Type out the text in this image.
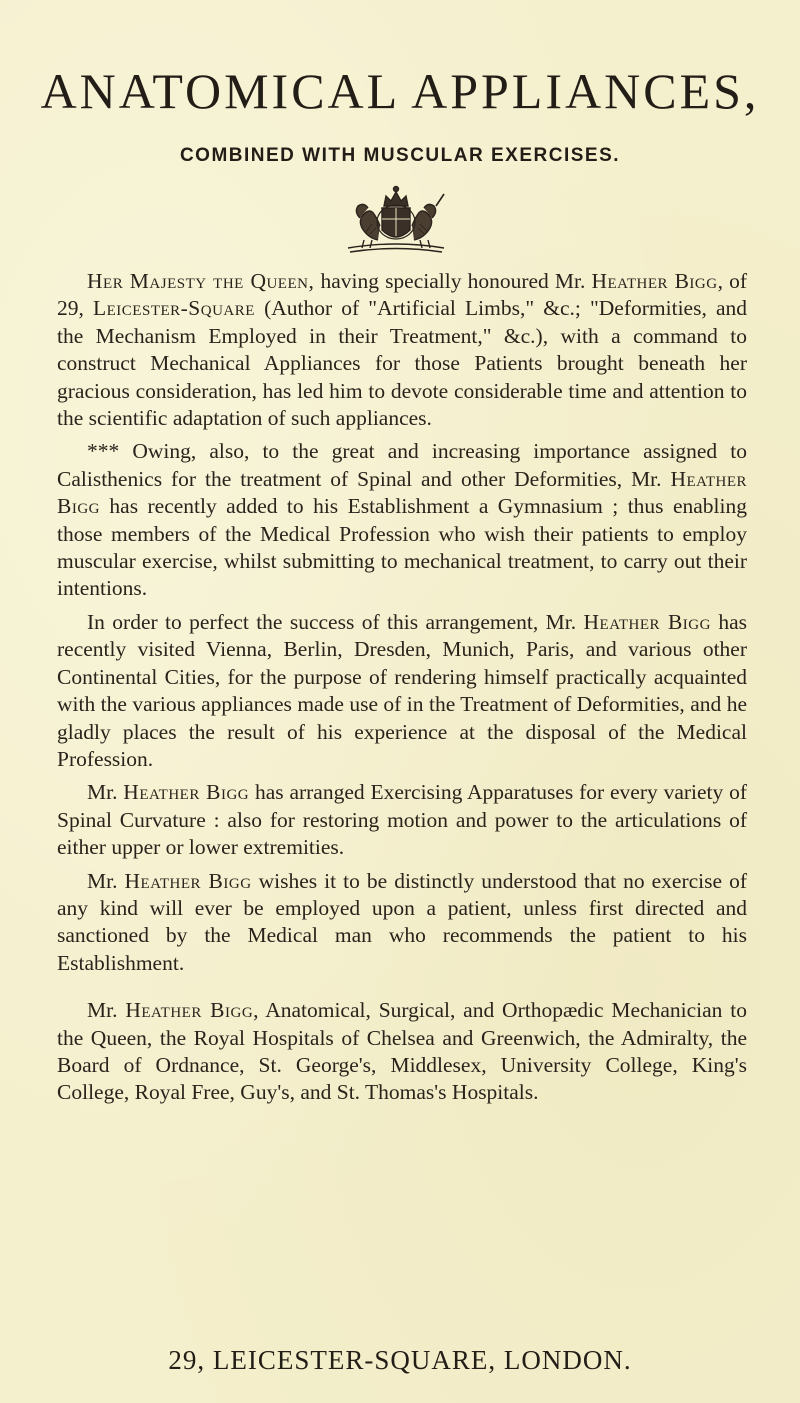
ANATOMICAL APPLIANCES,
COMBINED WITH MUSCULAR EXERCISES.

Her Majesty the Queen, having specially honoured Mr. Heather Bigg, of 29, Leicester-Square (Author of "Artificial Limbs," &c.; "Deformities, and the Mechanism Employed in their Treatment," &c.), with a command to construct Mechanical Appliances for those Patients brought beneath her gracious consideration, has led him to devote considerable time and attention to the scientific adaptation of such appliances.

*** Owing, also, to the great and increasing importance assigned to Calisthenics for the treatment of Spinal and other Deformities, Mr. Heather Bigg has recently added to his Establishment a Gymnasium ; thus enabling those members of the Medical Profession who wish their patients to employ muscular exercise, whilst submitting to mechanical treatment, to carry out their intentions.

In order to perfect the success of this arrangement, Mr. Heather Bigg has recently visited Vienna, Berlin, Dresden, Munich, Paris, and various other Continental Cities, for the purpose of rendering himself practically acquainted with the various appliances made use of in the Treatment of Deformities, and he gladly places the result of his experience at the disposal of the Medical Profession.

Mr. Heather Bigg has arranged Exercising Apparatuses for every variety of Spinal Curvature : also for restoring motion and power to the articulations of either upper or lower extremities.

Mr. Heather Bigg wishes it to be distinctly understood that no exercise of any kind will ever be employed upon a patient, unless first directed and sanctioned by the Medical man who recommends the patient to his Establishment.

Mr. Heather Bigg, Anatomical, Surgical, and Orthopædic Mechanician to the Queen, the Royal Hospitals of Chelsea and Greenwich, the Admiralty, the Board of Ordnance, St. George's, Middlesex, University College, King's College, Royal Free, Guy's, and St. Thomas's Hospitals.

29, LEICESTER-SQUARE, LONDON.
